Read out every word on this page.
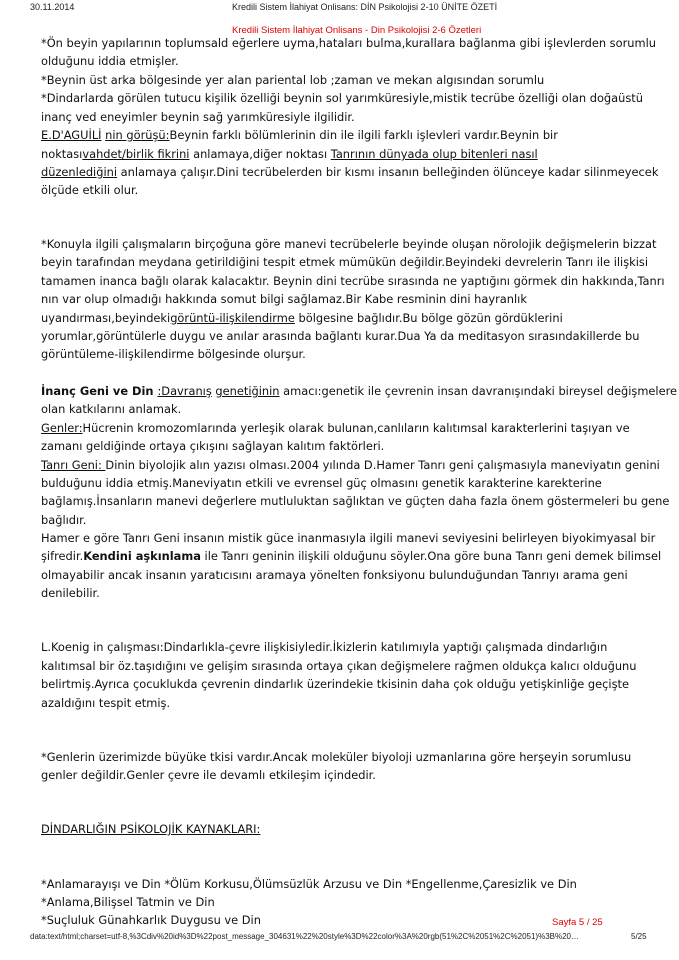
30.11.2014	Kredili Sistem İlahiyat Onlisans: DİN Psikolojisi 2-10 ÜNİTE ÖZETİ
Kredili Sistem İlahiyat Onlisans - Din Psikolojisi 2-6 Özetleri
*Ön beyin yapılarının toplumsald eğerlere uyma,hataları bulma,kurallara bağlanma gibi işlevlerden sorumlu
olduğunu iddia etmişler.
*Beynin üst arka bölgesinde yer alan pariental lob ;zaman ve mekan algısından sorumlu
*Dindarlarda görülen tutucu kişilik özelliği beynin sol yarımküresiyle,mistik tecrübe özelliği olan doğaüstü
inanç ved eneyimler beynin sağ yarımküresiyle ilgilidir.
E.D'AGUİLİ nin görüşü:Beynin farklı bölümlerinin din ile ilgili farklı işlevleri vardır.Beynin bir
noktasıvahdet/birlik fikrini anlamaya,diğer noktası Tanrının dünyada olup bitenleri nasıl
düzenlediğini anlamaya çalışır.Dini tecrübelerden bir kısmı insanın belleğinden ölünceye kadar silinmeyecek
ölçüde etkili olur.
*Konuyla ilgili çalışmaların birçoğuna göre manevi tecrübelerle beyinde oluşan nörolojik değişmelerin bizzat
beyin tarafından meydana getirildiğini tespit etmek mümükün değildir.Beyindeki devrelerin Tanrı ile ilişkisi
tamamen inanca bağlı olarak kalacaktır. Beynin dini tecrübe sırasında ne yaptığını görmek din hakkında,Tanrı
nın var olup olmadığı hakkında somut bilgi sağlamaz.Bir Kabe resminin dini hayranlık
uyandırması,beyindekigörüntü-ilişkilendirme bölgesine bağlıdır.Bu bölge gözün gördüklerini
yorumlar,görüntülerle duygu ve anılar arasında bağlantı kurar.Dua Ya da meditasyon sırasındakillerde bu
görüntüleme-ilişkilendirme bölgesinde olurşur.
İnanç Geni ve Din :Davranış genetiğinin amacı:genetik ile çevrenin insan davranışındaki bireysel değişmelere
olan katkılarını anlamak.
Genler:Hücrenin kromozomlarında yerleşik olarak bulunan,canlıların kalıtımsal karakterlerini taşıyan ve
zamanı geldiğinde ortaya çıkışını sağlayan kalıtım faktörleri.
Tanrı Geni: Dinin biyolojik alın yazısı olması.2004 yılında D.Hamer Tanrı geni çalışmasıyla maneviyatın genini
bulduğunu iddia etmiş.Maneviyatın etkili ve evrensel güç olmasını genetik karakterine karekterine
bağlamış.İnsanların manevi değerlere mutluluktan sağlıktan ve güçten daha fazla önem göstermeleri bu gene
bağlıdır.
Hamer e göre Tanrı Geni insanın mistik güce inanmasıyla ilgili manevi seviyesini belirleyen biyokimyasal bir
şifredir.Kendini aşkınlama ile Tanrı geninin ilişkili olduğunu söyler.Ona göre buna Tanrı geni demek bilimsel
olmayabilir ancak insanın yaratıcısını aramaya yönelten fonksiyonu bulunduğundan Tanrıyı arama geni
denilebilir.
L.Koenig in çalışması:Dindarlıkla-çevre ilişkisiyledir.İkizlerin katılımıyla yaptığı çalışmada dindarlığın
kalıtımsal bir öz.taşıdığını ve gelişim sırasında ortaya çıkan değişmelere rağmen oldukça kalıcı olduğunu
belirtmiş.Ayrıca çocuklukda çevrenin dindarlık üzerindekie tkisinin daha çok olduğu yetişkinliğe geçişte
azaldığını tespit etmiş.
*Genlerin üzerimizde büyüke tkisi vardır.Ancak moleküler biyoloji uzmanlarına göre herşeyin sorumlusu
genler değildir.Genler çevre ile devamlı etkileşim içindedir.
DİNDARLIĞIN PSİKOLOJİK KAYNAKLARI:
*Anlamarayışı ve Din *Ölüm Korkusu,Ölümsüzlük Arzusu ve Din *Engellenme,Çaresizlik ve Din
*Anlama,Bilişsel Tatmin ve Din
*Suçluluk Günahkarlık Duygusu ve Din	Sayfa 5 / 25
data:text/html;charset=utf-8,%3Cdiv%20id%3D%22post_message_304631%22%20style%3D%22color%3A%20rgb(51%2C%2051%2C%2051)%3B%20…	5/25
